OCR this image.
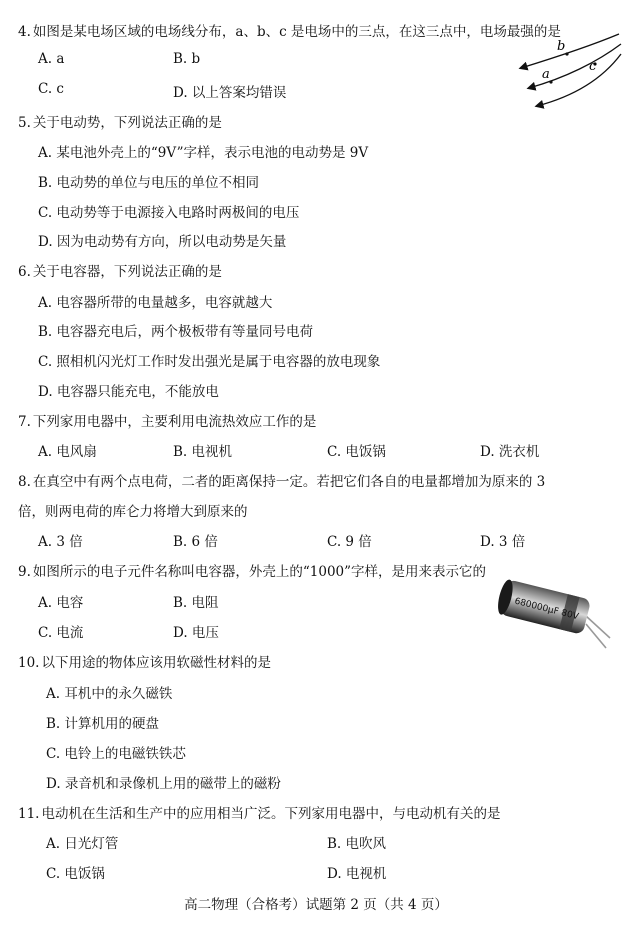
4. 如图是某电场区域的电场线分布，a、b、c 是电场中的三点，在这三点中，电场最强的是
A. a	B. b
C. c	D. 以上答案均错误
b
a
c
5. 关于电动势，下列说法正确的是
A. 某电池外壳上的“9V”字样，表示电池的电动势是 9V
B. 电动势的单位与电压的单位不相同
C. 电动势等于电源接入电路时两极间的电压
D. 因为电动势有方向，所以电动势是矢量
6. 关于电容器，下列说法正确的是
A. 电容器所带的电量越多，电容就越大
B. 电容器充电后，两个极板带有等量同号电荷
C. 照相机闪光灯工作时发出强光是属于电容器的放电现象
D. 电容器只能充电，不能放电
7. 下列家用电器中，主要利用电流热效应工作的是
A. 电风扇	B. 电视机	C. 电饭锅	D. 洗衣机
8. 在真空中有两个点电荷，二者的距离保持一定。若把它们各自的电量都增加为原来的 3
倍，则两电荷的库仑力将增大到原来的
A. 3 倍	B. 6 倍	C. 9 倍	D. 3 倍
9. 如图所示的电子元件名称叫电容器，外壳上的“1000”字样，是用来表示它的
A. 电容	B. 电阻
C. 电流	D. 电压
680000μF 80V
10. 以下用途的物体应该用软磁性材料的是
A. 耳机中的永久磁铁
B. 计算机用的硬盘
C. 电铃上的电磁铁铁芯
D. 录音机和录像机上用的磁带上的磁粉
11. 电动机在生活和生产中的应用相当广泛。下列家用电器中，与电动机有关的是
A. 日光灯管	B. 电吹风
C. 电饭锅	D. 电视机
高二物理（合格考）试题第 2 页（共 4 页）
